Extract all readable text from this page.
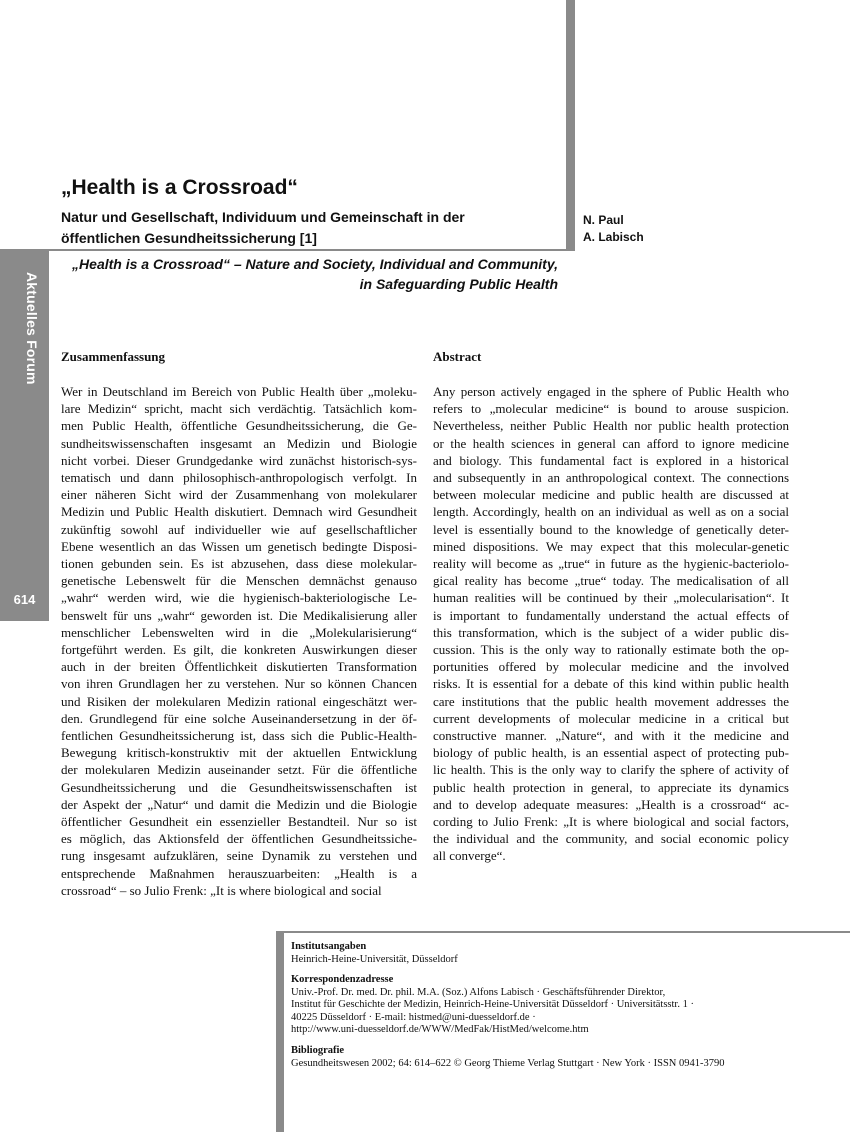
Aktuelles Forum
614
„Health is a Crossroad“

Natur und Gesellschaft, Individuum und Gemeinschaft in der öffentlichen Gesundheitssicherung [1]

N. Paul
A. Labisch
„Health is a Crossroad“ – Nature and Society, Individual and Community,
in Safeguarding Public Health
Zusammenfassung	Abstract
Wer in Deutschland im Bereich von Public Health über „moleku-
lare Medizin“ spricht, macht sich verdächtig. Tatsächlich kom-
men Public Health, öffentliche Gesundheitssicherung, die Ge-
sundheitswissenschaften insgesamt an Medizin und Biologie
nicht vorbei. Dieser Grundgedanke wird zunächst historisch-sys-
tematisch und dann philosophisch-anthropologisch verfolgt. In
einer näheren Sicht wird der Zusammenhang von molekularer
Medizin und Public Health diskutiert. Demnach wird Gesundheit
zukünftig sowohl auf individueller wie auf gesellschaftlicher
Ebene wesentlich an das Wissen um genetisch bedingte Disposi-
tionen gebunden sein. Es ist abzusehen, dass diese molekular-
genetische Lebenswelt für die Menschen demnächst genauso
„wahr“ werden wird, wie die hygienisch-bakteriologische Le-
benswelt für uns „wahr“ geworden ist. Die Medikalisierung aller
menschlicher Lebenswelten wird in die „Molekularisierung“
fortgeführt werden. Es gilt, die konkreten Auswirkungen dieser
auch in der breiten Öffentlichkeit diskutierten Transformation
von ihren Grundlagen her zu verstehen. Nur so können Chancen
und Risiken der molekularen Medizin rational eingeschätzt wer-
den. Grundlegend für eine solche Auseinandersetzung in der öf-
fentlichen Gesundheitssicherung ist, dass sich die Public-Health-
Bewegung kritisch-konstruktiv mit der aktuellen Entwicklung
der molekularen Medizin auseinander setzt. Für die öffentliche
Gesundheitssicherung und die Gesundheitswissenschaften ist
der Aspekt der „Natur“ und damit die Medizin und die Biologie
öffentlicher Gesundheit ein essenzieller Bestandteil. Nur so ist
es möglich, das Aktionsfeld der öffentlichen Gesundheitssiche-
rung insgesamt aufzuklären, seine Dynamik zu verstehen und
entsprechende Maßnahmen herauszuarbeiten: „Health is a
crossroad“ – so Julio Frenk: „It is where biological and social
Any person actively engaged in the sphere of Public Health who
refers to „molecular medicine“ is bound to arouse suspicion.
Nevertheless, neither Public Health nor public health protection
or the health sciences in general can afford to ignore medicine
and biology. This fundamental fact is explored in a historical
and subsequently in an anthropological context. The connections
between molecular medicine and public health are discussed at
length. Accordingly, health on an individual as well as on a social
level is essentially bound to the knowledge of genetically deter-
mined dispositions. We may expect that this molecular-genetic
reality will become as „true“ in future as the hygienic-bacteriolo-
gical reality has become „true“ today. The medicalisation of all
human realities will be continued by their „molecularisation“. It
is important to fundamentally understand the actual effects of
this transformation, which is the subject of a wider public dis-
cussion. This is the only way to rationally estimate both the op-
portunities offered by molecular medicine and the involved
risks. It is essential for a debate of this kind within public health
care institutions that the public health movement addresses the
current developments of molecular medicine in a critical but
constructive manner. „Nature“, and with it the medicine and
biology of public health, is an essential aspect of protecting pub-
lic health. This is the only way to clarify the sphere of activity of
public health protection in general, to appreciate its dynamics
and to develop adequate measures: „Health is a crossroad“ ac-
cording to Julio Frenk: „It is where biological and social factors,
the individual and the community, and social economic policy
all converge“.
Institutsangaben
Heinrich-Heine-Universität, Düsseldorf
Korrespondenzadresse
Univ.-Prof. Dr. med. Dr. phil. M.A. (Soz.) Alfons Labisch · Geschäftsführender Direktor,
Institut für Geschichte der Medizin, Heinrich-Heine-Universität Düsseldorf · Universitätsstr. 1 ·
40225 Düsseldorf · E-mail: histmed@uni-duesseldorf.de ·
http://www.uni-duesseldorf.de/WWW/MedFak/HistMed/welcome.htm
Bibliografie
Gesundheitswesen 2002; 64: 614–622 © Georg Thieme Verlag Stuttgart · New York · ISSN 0941-3790
